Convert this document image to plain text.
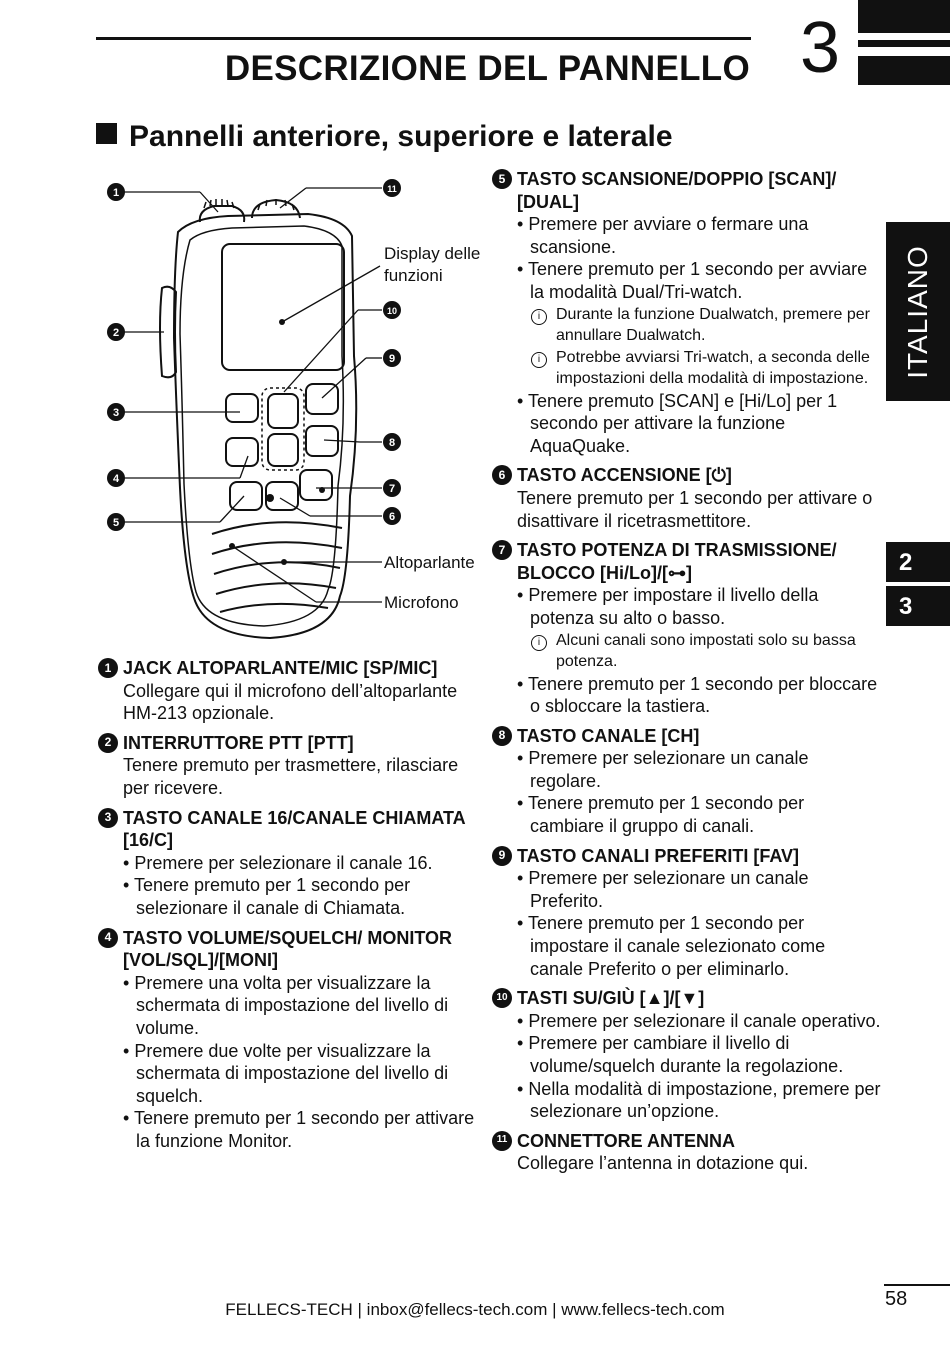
DESCRIZIONE DEL PANNELLO 3
Pannelli anteriore, superiore e laterale
ITALIANO
2
3
1
2
3
4
5	6
7
8
9
10
11
Display delle
funzioni
Altoparlante
Microfono
1 JACK ALTOPARLANTE/MIC [SP/MIC]
Collegare qui il microfono dell’altoparlante HM-213 opzionale.
2 INTERRUTTORE PTT [PTT]
Tenere premuto per trasmettere, rilasciare per ricevere.
3 TASTO CANALE 16/CANALE CHIAMATA [16/C]
• Premere per selezionare il canale 16.
• Tenere premuto per 1 secondo per selezionare il canale di Chiamata.
4 TASTO VOLUME/SQUELCH/ MONITOR [VOL/SQL]/[MONI]
• Premere una volta per visualizzare la schermata di impostazione del livello di volume.
• Premere due volte per visualizzare la schermata di impostazione del livello di squelch.
• Tenere premuto per 1 secondo per attivare la funzione Monitor.
5 TASTO SCANSIONE/DOPPIO [SCAN]/ [DUAL]
• Premere per avviare o fermare una scansione.
• Tenere premuto per 1 secondo per avviare la modalità Dual/Tri-watch.
i Durante la funzione Dualwatch, premere per annullare Dualwatch.
i Potrebbe avviarsi Tri-watch, a seconda delle impostazioni della modalità di impostazione.
• Tenere premuto [SCAN] e [Hi/Lo] per 1 secondo per attivare la funzione AquaQuake.
6 TASTO ACCENSIONE [⏻]
Tenere premuto per 1 secondo per attivare o disattivare il ricetrasmettitore.
7 TASTO POTENZA DI TRASMISSIONE/ BLOCCO [Hi/Lo]/[⊶]
• Premere per impostare il livello della potenza su alto o basso.
i Alcuni canali sono impostati solo su bassa potenza.
• Tenere premuto per 1 secondo per bloccare o sbloccare la tastiera.
8 TASTO CANALE [CH]
• Premere per selezionare un canale regolare.
• Tenere premuto per 1 secondo per cambiare il gruppo di canali.
9 TASTO CANALI PREFERITI [FAV]
• Premere per selezionare un canale Preferito.
• Tenere premuto per 1 secondo per impostare il canale selezionato come canale Preferito o per eliminarlo.
10 TASTI SU/GIÙ [▲]/[▼]
• Premere per selezionare il canale operativo.
• Premere per cambiare il livello di volume/squelch durante la regolazione.
• Nella modalità di impostazione, premere per selezionare un’opzione.
11 CONNETTORE ANTENNA
Collegare l’antenna in dotazione qui.
58
FELLECS-TECH | inbox@fellecs-tech.com | www.fellecs-tech.com
